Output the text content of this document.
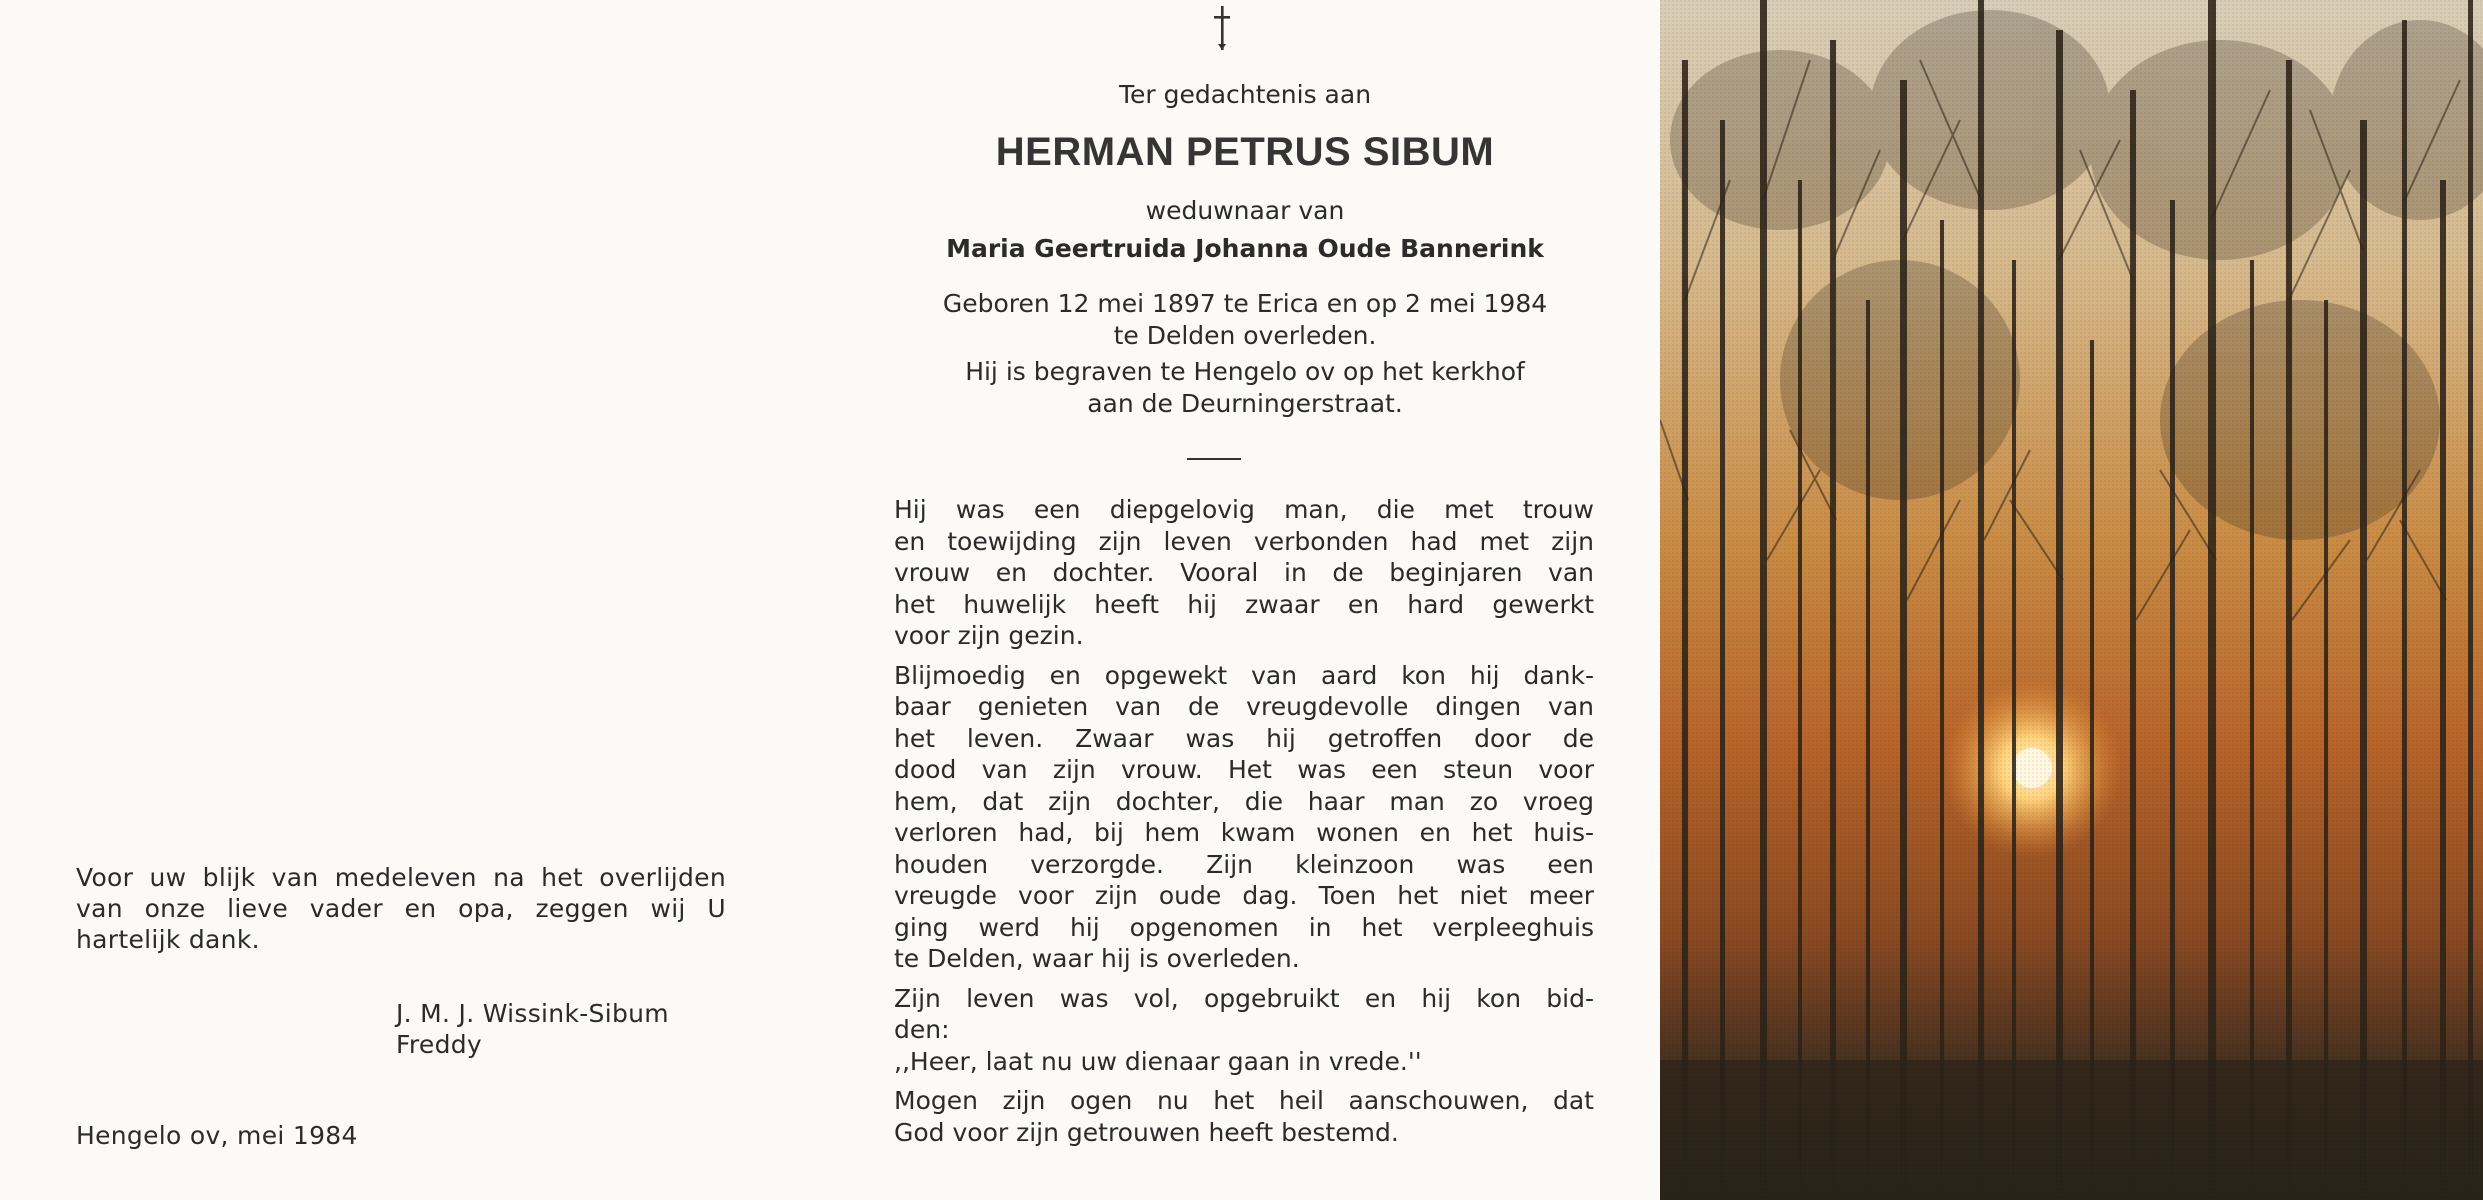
Voor uw blijk van medeleven na het overlijden
van onze lieve vader en opa, zeggen wij U
hartelijk dank.
J. M. J. Wissink-Sibum
Freddy
Hengelo ov, mei 1984
Ter gedachtenis aan
HERMAN PETRUS SIBUM
weduwnaar van
Maria Geertruida Johanna Oude Bannerink
Geboren 12 mei 1897 te Erica en op 2 mei 1984
te Delden overleden.
Hij is begraven te Hengelo ov op het kerkhof
aan de Deurningerstraat.

Hij was een diepgelovig man, die met trouw
en toewijding zijn leven verbonden had met zijn
vrouw en dochter. Vooral in de beginjaren van
het huwelijk heeft hij zwaar en hard gewerkt
voor zijn gezin.

Blijmoedig en opgewekt van aard kon hij dank-
baar genieten van de vreugdevolle dingen van
het leven. Zwaar was hij getroffen door de
dood van zijn vrouw. Het was een steun voor
hem, dat zijn dochter, die haar man zo vroeg
verloren had, bij hem kwam wonen en het huis-
houden verzorgde. Zijn kleinzoon was een
vreugde voor zijn oude dag. Toen het niet meer
ging werd hij opgenomen in het verpleeghuis
te Delden, waar hij is overleden.

Zijn leven was vol, opgebruikt en hij kon bid-
den:
,,Heer, laat nu uw dienaar gaan in vrede.''

Mogen zijn ogen nu het heil aanschouwen, dat
God voor zijn getrouwen heeft bestemd.
